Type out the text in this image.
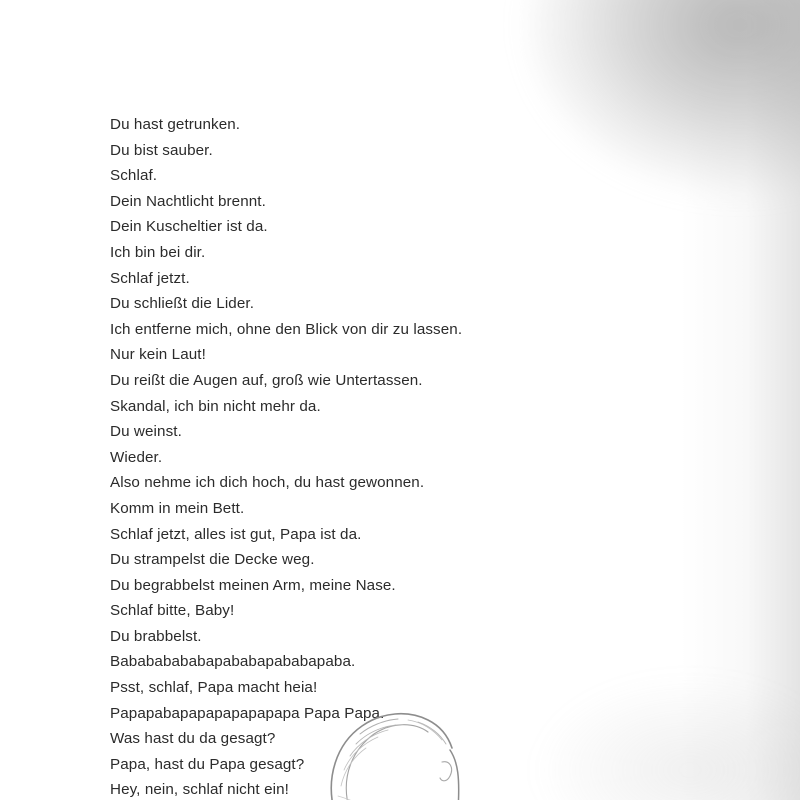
Du hast getrunken.
Du bist sauber.
Schlaf.
Dein Nachtlicht brennt.
Dein Kuscheltier ist da.
Ich bin bei dir.
Schlaf jetzt.
Du schließt die Lider.
Ich entferne mich, ohne den Blick von dir zu lassen.
Nur kein Laut!
Du reißt die Augen auf, groß wie Untertassen.
Skandal, ich bin nicht mehr da.
Du weinst.
Wieder.
Also nehme ich dich hoch, du hast gewonnen.
Komm in mein Bett.
Schlaf jetzt, alles ist gut, Papa ist da.
Du strampelst die Decke weg.
Du begrabbelst meinen Arm, meine Nase.
Schlaf bitte, Baby!
Du brabbelst.
Babababababapababapababapaba.
Psst, schlaf, Papa macht heia!
Papapabapapapapapapapa Papa Papa.
Was hast du da gesagt?
Papa, hast du Papa gesagt?
Hey, nein, schlaf nicht ein!
